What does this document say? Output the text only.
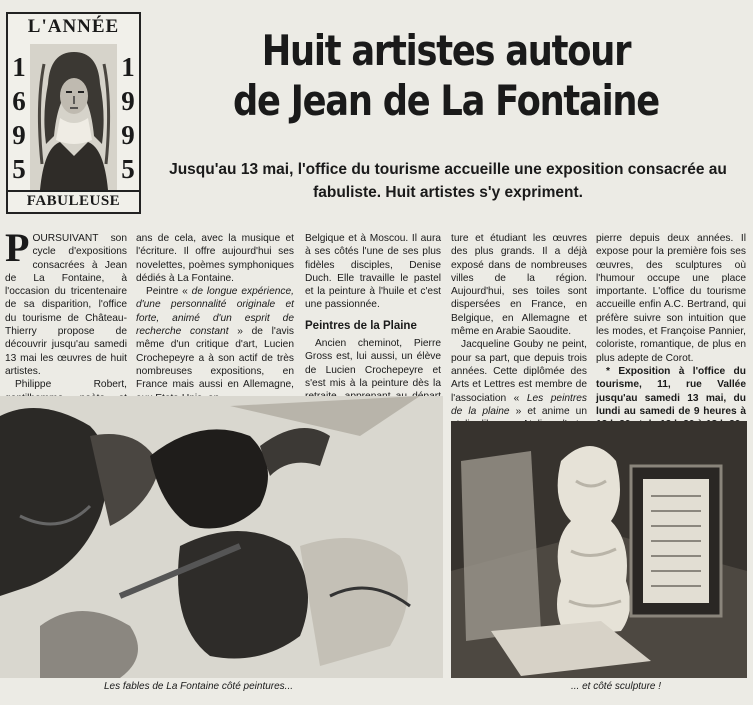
L'ANNÉE
1
6
9
5
1
9
9
5
FABULEUSE
Huit artistes autour
de Jean de La Fontaine
Jusqu'au 13 mai, l'office du tourisme accueille une exposition consacrée au fabuliste. Huit artistes s'y expriment.

POURSUIVANT son cycle d'expositions consacrées à Jean de La Fontaine, à l'occasion du tricentenaire de sa disparition, l'office du tourisme de Château-Thierry propose de découvrir jusqu'au samedi 13 mai les œuvres de huit artistes.

Philippe Robert,

ans de cela, avec la musique et l'écriture. Il offre aujourd'hui ses novelettes, poèmes symphoniques dédiés à La Fontaine.

Peintre « de longue expérience, d'une personnalité originale et forte, animé d'un esprit de recherche constant » de l'avis même d'un critique d'art, Lucien Crochepeyre a à son actif de très nombreuses expositions, en France mais aussi en Allemagne,

Belgique et à Moscou. Il aura à ses côtés l'une de ses plus fidèles disciples, Denise Duch. Elle travaille le pastel et la peinture à l'huile et c'est une passionnée.

Peintres de la Plaine

Ancien cheminot, Pierre Gross est, lui aussi, un élève de Lucien Crochepeyre et s'est mis à la peinture dès la

ture et étudiant les œuvres des plus grands. Il a déjà exposé dans de nombreuses villes de la région. Aujourd'hui, ses toiles sont dispersées en France, en Belgique, en Allemagne et même en Arabie Saoudite.

Jacqueline Gouby ne peint, pour sa part, que depuis trois années. Cette diplômée des Arts et Lettres est membre de l'association « Les peintres de la plaine » et anime un

pierre depuis deux années. Il expose pour la première fois ses œuvres, des sculptures où l'humour occupe une place importante. L'office du tourisme accueille enfin A.C. Bertrand, qui préfère suivre son intuition que les modes, et Françoise Pannier, coloriste, romantique, de plus en plus adepte de Corot.

* Exposition à l'office du tourisme, 11, rue Vallée jusqu'au samedi 13 mai, du lundi au samedi de 9 heures à

Les fables de La Fontaine côté peintures...	... et côté sculpture !
